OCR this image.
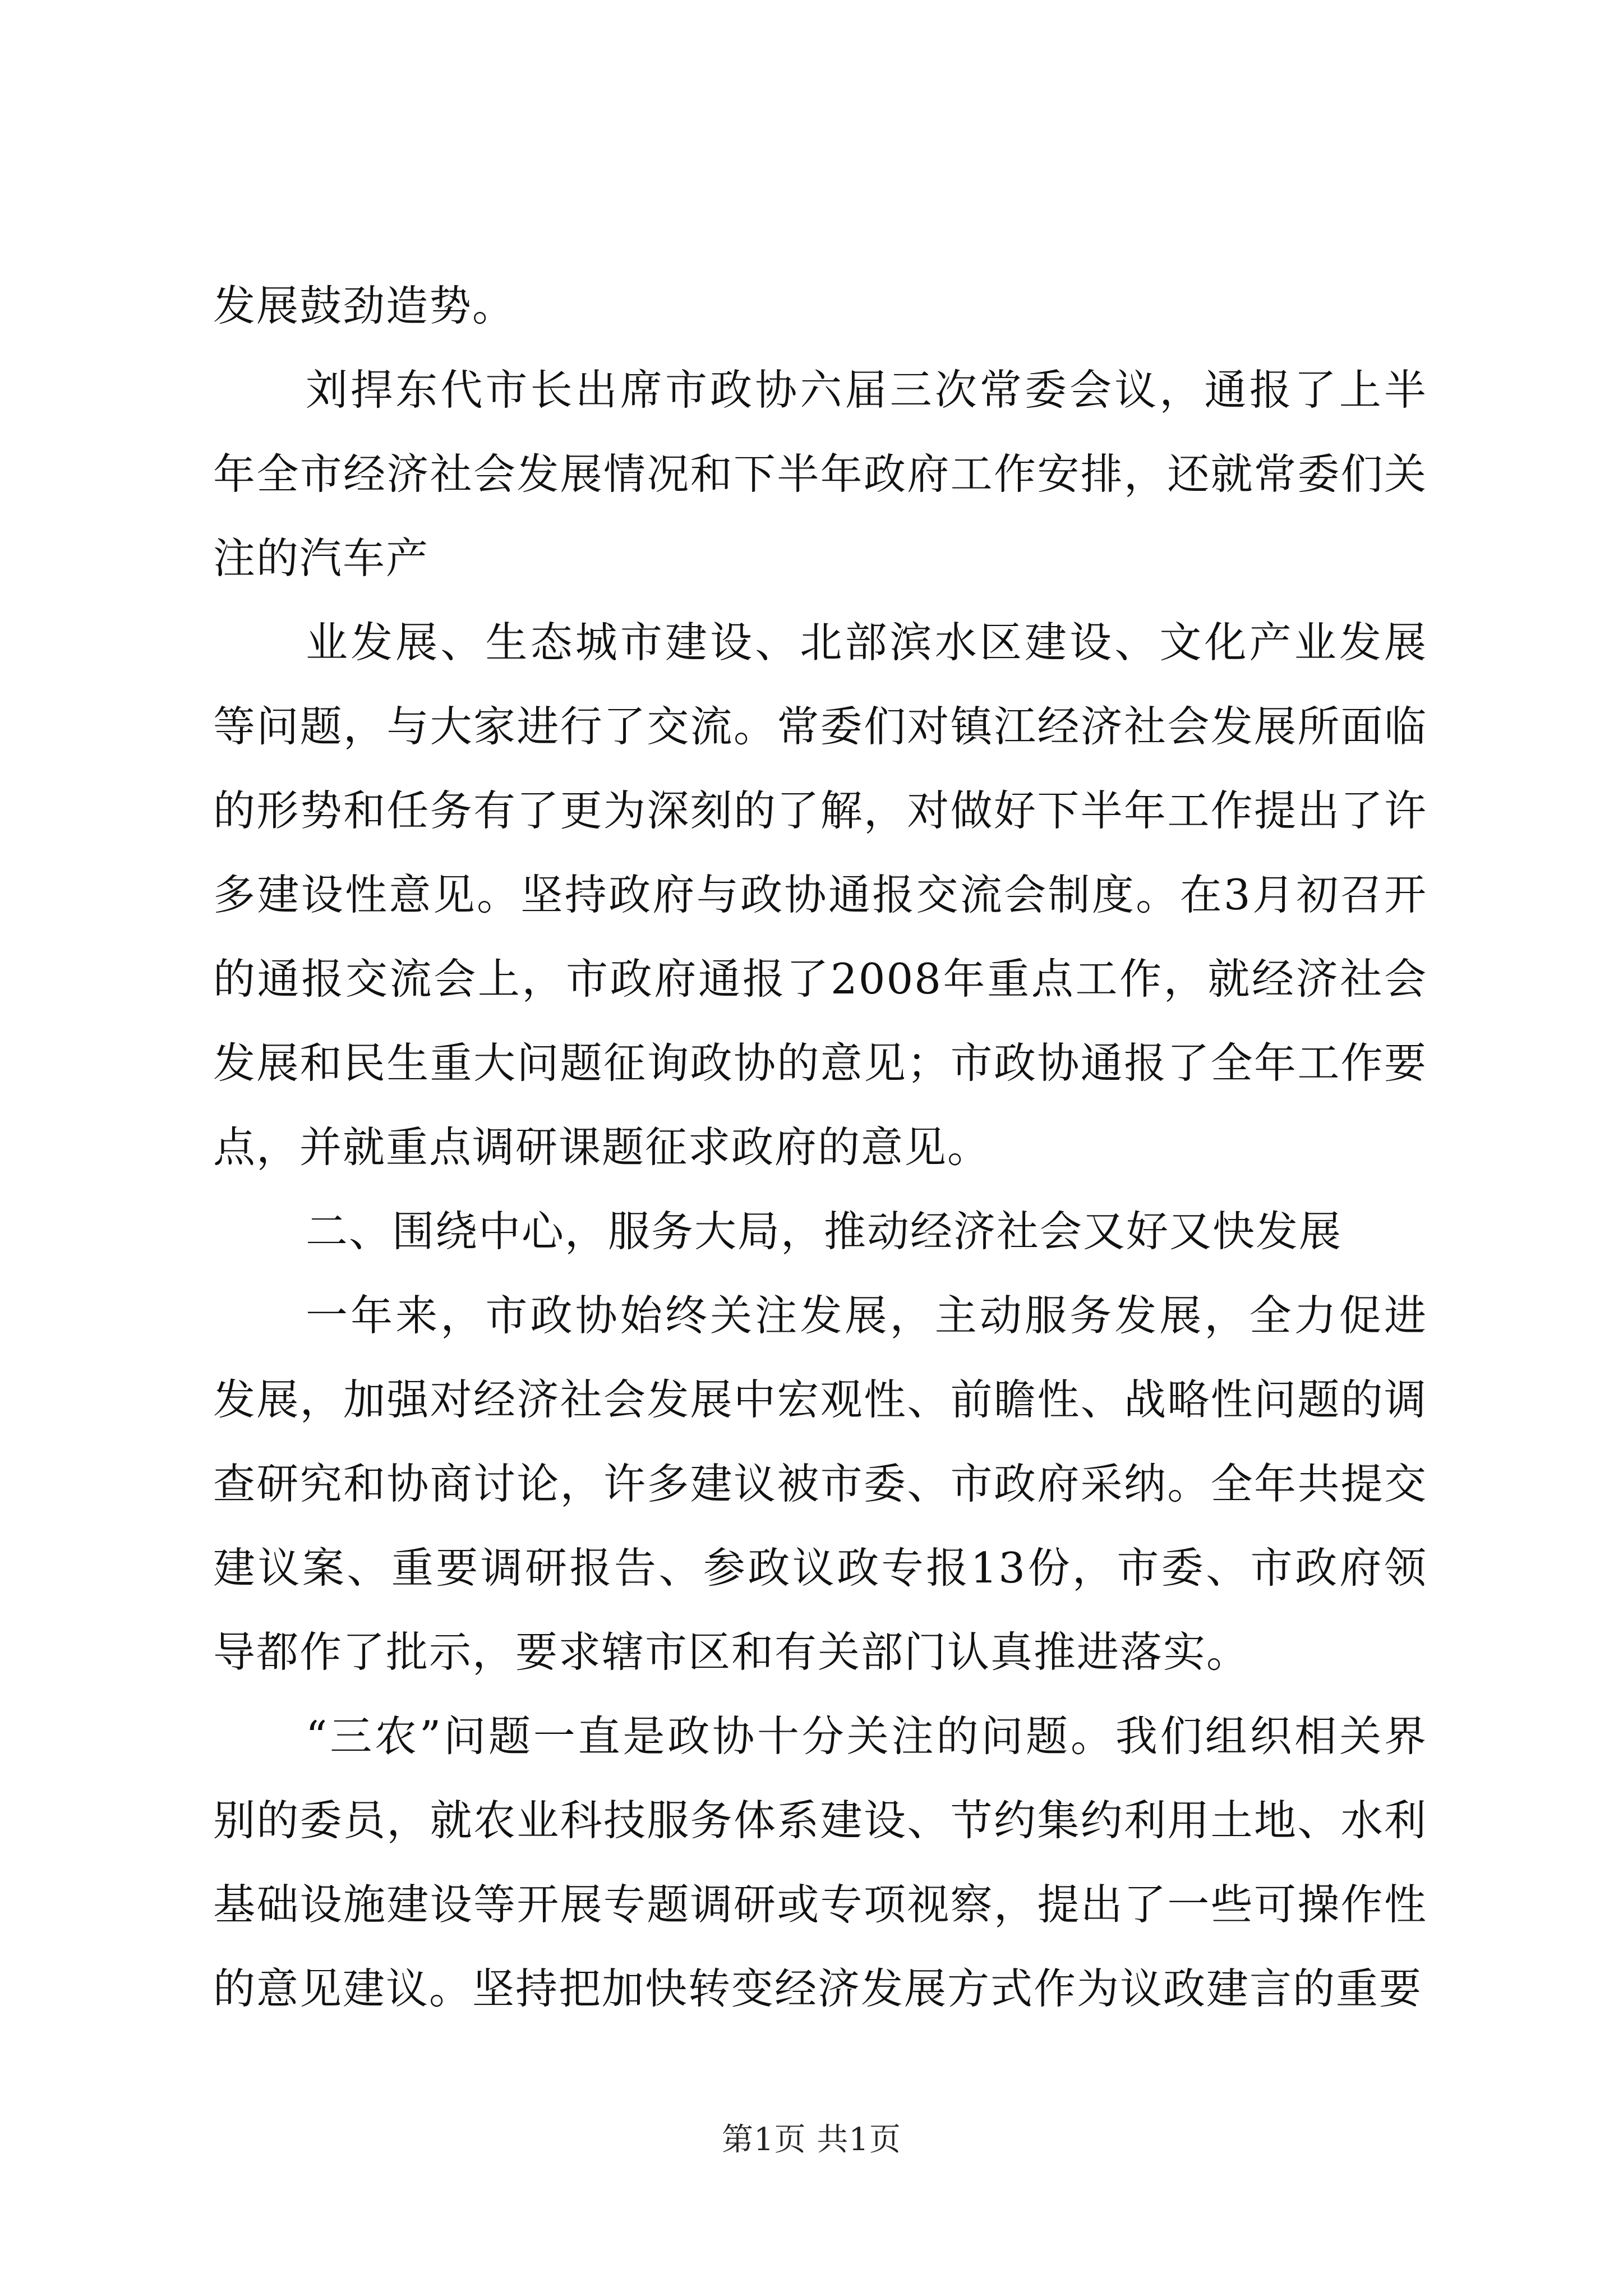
发展鼓劲造势。

刘捍东代市长出席市政协六届三次常委会议，通报了上半年全市经济社会发展情况和下半年政府工作安排，还就常委们关注的汽车产

业发展、生态城市建设、北部滨水区建设、文化产业发展等问题，与大家进行了交流。常委们对镇江经济社会发展所面临的形势和任务有了更为深刻的了解，对做好下半年工作提出了许多建设性意见。坚持政府与政协通报交流会制度。在3月初召开的通报交流会上，市政府通报了2008年重点工作，就经济社会发展和民生重大问题征询政协的意见；市政协通报了全年工作要点，并就重点调研课题征求政府的意见。

二、围绕中心，服务大局，推动经济社会又好又快发展

一年来，市政协始终关注发展，主动服务发展，全力促进发展，加强对经济社会发展中宏观性、前瞻性、战略性问题的调查研究和协商讨论，许多建议被市委、市政府采纳。全年共提交建议案、重要调研报告、参政议政专报13份，市委、市政府领导都作了批示，要求辖市区和有关部门认真推进落实。

“三农”问题一直是政协十分关注的问题。我们组织相关界别的委员，就农业科技服务体系建设、节约集约利用土地、水利基础设施建设等开展专题调研或专项视察，提出了一些可操作性的意见建议。坚持把加快转变经济发展方式作为议政建言的重要

第1页 共1页
